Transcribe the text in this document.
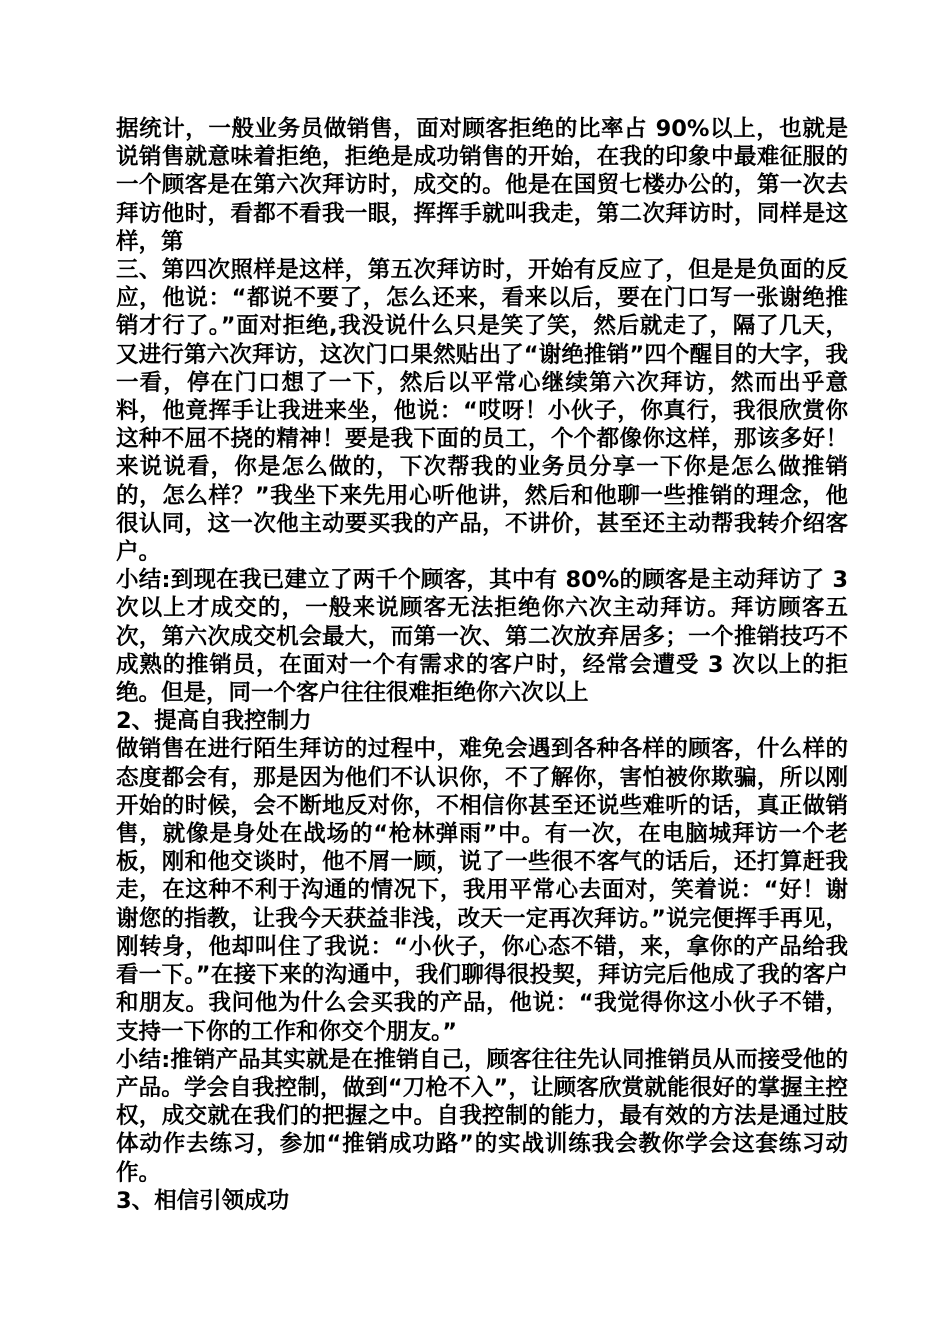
据统计，一般业务员做销售，面对顾客拒绝的比率占 90%以上，也就是说销售就意味着拒绝，拒绝是成功销售的开始，在我的印象中最难征服的一个顾客是在第六次拜访时，成交的。他是在国贸七楼办公的，第一次去拜访他时，看都不看我一眼，挥挥手就叫我走，第二次拜访时，同样是这样，第

三、第四次照样是这样，第五次拜访时，开始有反应了，但是是负面的反应，他说：“都说不要了，怎么还来，看来以后，要在门口写一张谢绝推销才行了。”面对拒绝,我没说什么只是笑了笑，然后就走了，隔了几天，又进行第六次拜访，这次门口果然贴出了“谢绝推销”四个醒目的大字，我一看，停在门口想了一下，然后以平常心继续第六次拜访，然而出乎意料，他竟挥手让我进来坐，他说：“哎呀！小伙子，你真行，我很欣赏你这种不屈不挠的精神！要是我下面的员工，个个都像你这样，那该多好！来说说看，你是怎么做的，下次帮我的业务员分享一下你是怎么做推销的，怎么样？”我坐下来先用心听他讲，然后和他聊一些推销的理念，他很认同，这一次他主动要买我的产品，不讲价，甚至还主动帮我转介绍客户。

小结:到现在我已建立了两千个顾客，其中有 80%的顾客是主动拜访了 3 次以上才成交的，一般来说顾客无法拒绝你六次主动拜访。拜访顾客五次，第六次成交机会最大，而第一次、第二次放弃居多；一个推销技巧不成熟的推销员，在面对一个有需求的客户时，经常会遭受 3 次以上的拒绝。但是，同一个客户往往很难拒绝你六次以上

2、提高自我控制力

做销售在进行陌生拜访的过程中，难免会遇到各种各样的顾客，什么样的态度都会有，那是因为他们不认识你，不了解你，害怕被你欺骗，所以刚开始的时候，会不断地反对你，不相信你甚至还说些难听的话，真正做销售，就像是身处在战场的“枪林弹雨”中。有一次，在电脑城拜访一个老板，刚和他交谈时，他不屑一顾，说了一些很不客气的话后，还打算赶我走，在这种不利于沟通的情况下，我用平常心去面对，笑着说：“好！谢谢您的指教，让我今天获益非浅，改天一定再次拜访。”说完便挥手再见，刚转身，他却叫住了我说：“小伙子，你心态不错，来，拿你的产品给我看一下。”在接下来的沟通中，我们聊得很投契，拜访完后他成了我的客户和朋友。我问他为什么会买我的产品，他说：“我觉得你这小伙子不错，支持一下你的工作和你交个朋友。”

小结:推销产品其实就是在推销自己，顾客往往先认同推销员从而接受他的产品。学会自我控制，做到“刀枪不入”，让顾客欣赏就能很好的掌握主控权，成交就在我们的把握之中。自我控制的能力，最有效的方法是通过肢体动作去练习，参加“推销成功路”的实战训练我会教你学会这套练习动作。

3、相信引领成功
